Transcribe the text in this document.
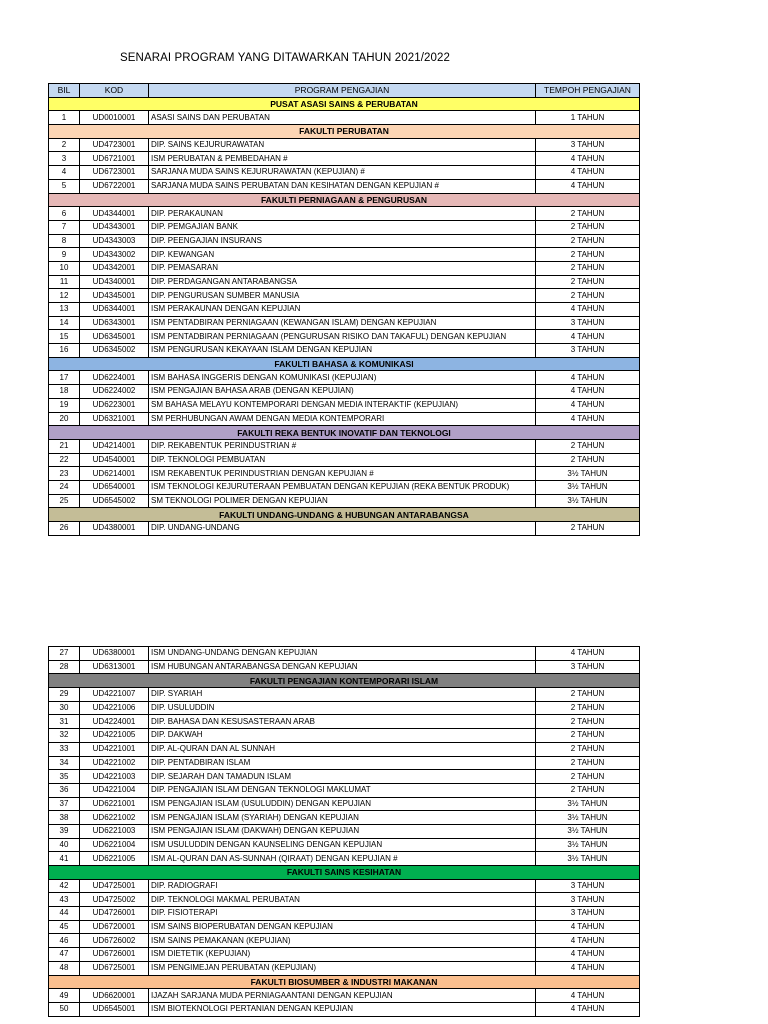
SENARAI PROGRAM YANG DITAWARKAN TAHUN 2021/2022
BIL	KOD	PROGRAM PENGAJIAN	TEMPOH PENGAJIAN
PUSAT ASASI SAINS & PERUBATAN			
1	UD0010001	ASASI SAINS DAN PERUBATAN	1 TAHUN
FAKULTI PERUBATAN			
2	UD4723001	DIP. SAINS KEJURURAWATAN	3 TAHUN
3	UD6721001	ISM PERUBATAN & PEMBEDAHAN #	4 TAHUN
4	UD6723001	SARJANA MUDA SAINS KEJURURAWATAN (KEPUJIAN) #	4 TAHUN
5	UD6722001	SARJANA MUDA SAINS PERUBATAN DAN KESIHATAN DENGAN KEPUJIAN #	4 TAHUN
FAKULTI PERNIAGAAN & PENGURUSAN			
6	UD4344001	DIP. PERAKAUNAN	2 TAHUN
7	UD4343001	DIP. PEMGAJIAN BANK	2 TAHUN
8	UD4343003	DIP. PEENGAJIAN INSURANS	2 TAHUN
9	UD4343002	DIP. KEWANGAN	2 TAHUN
10	UD4342001	DIP. PEMASARAN	2 TAHUN
11	UD4340001	DIP. PERDAGANGAN ANTARABANGSA	2 TAHUN
12	UD4345001	DIP. PENGURUSAN SUMBER MANUSIA	2 TAHUN
13	UD6344001	ISM PERAKAUNAN DENGAN KEPUJIAN	4 TAHUN
14	UD6343001	ISM PENTADBIRAN PERNIAGAAN (KEWANGAN ISLAM) DENGAN KEPUJIAN	3 TAHUN
15	UD6345001	ISM PENTADBIRAN PERNIAGAAN (PENGURUSAN RISIKO DAN TAKAFUL) DENGAN KEPUJIAN	4 TAHUN
16	UD6345002	ISM PENGURUSAN KEKAYAAN ISLAM DENGAN KEPUJIAN	3 TAHUN
FAKULTI BAHASA & KOMUNIKASI			
17	UD6224001	ISM BAHASA INGGERIS DENGAN KOMUNIKASI (KEPUJIAN)	4 TAHUN
18	UD6224002	ISM PENGAJIAN BAHASA ARAB (DENGAN KEPUJIAN)	4 TAHUN
19	UD6223001	SM BAHASA MELAYU KONTEMPORARI DENGAN MEDIA INTERAKTIF (KEPUJIAN)	4 TAHUN
20	UD6321001	SM PERHUBUNGAN AWAM DENGAN MEDIA KONTEMPORARI	4 TAHUN
FAKULTI REKA BENTUK INOVATIF DAN TEKNOLOGI			
21	UD4214001	DIP. REKABENTUK PERINDUSTRIAN #	2 TAHUN
22	UD4540001	DIP. TEKNOLOGI PEMBUATAN	2 TAHUN
23	UD6214001	ISM REKABENTUK PERINDUSTRIAN DENGAN KEPUJIAN #	3½ TAHUN
24	UD6540001	ISM TEKNOLOGI KEJURUTERAAN PEMBUATAN DENGAN KEPUJIAN (REKA BENTUK PRODUK)	3½ TAHUN
25	UD6545002	SM TEKNOLOGI POLIMER DENGAN KEPUJIAN	3½ TAHUN
FAKULTI UNDANG-UNDANG & HUBUNGAN ANTARABANGSA			
26	UD4380001	DIP. UNDANG-UNDANG	2 TAHUN
27	UD6380001	ISM UNDANG-UNDANG DENGAN KEPUJIAN	4 TAHUN
28	UD6313001	ISM HUBUNGAN ANTARABANGSA DENGAN KEPUJIAN	3 TAHUN
FAKULTI PENGAJIAN KONTEMPORARI ISLAM			
29	UD4221007	DIP. SYARIAH	2 TAHUN
30	UD4221006	DIP. USULUDDIN	2 TAHUN
31	UD4224001	DIP. BAHASA DAN KESUSASTERAAN ARAB	2 TAHUN
32	UD4221005	DIP. DAKWAH	2 TAHUN
33	UD4221001	DIP. AL-QURAN DAN AL SUNNAH	2 TAHUN
34	UD4221002	DIP. PENTADBIRAN ISLAM	2 TAHUN
35	UD4221003	DIP. SEJARAH DAN TAMADUN ISLAM	2 TAHUN
36	UD4221004	DIP. PENGAJIAN ISLAM DENGAN TEKNOLOGI MAKLUMAT	2 TAHUN
37	UD6221001	ISM PENGAJIAN ISLAM (USULUDDIN) DENGAN KEPUJIAN	3½ TAHUN
38	UD6221002	ISM PENGAJIAN ISLAM (SYARIAH) DENGAN KEPUJIAN	3½ TAHUN
39	UD6221003	ISM PENGAJIAN ISLAM (DAKWAH) DENGAN KEPUJIAN	3½ TAHUN
40	UD6221004	ISM USULUDDIN DENGAN KAUNSELING DENGAN KEPUJIAN	3½ TAHUN
41	UD6221005	ISM AL-QURAN DAN AS-SUNNAH (QIRAAT) DENGAN KEPUJIAN #	3½ TAHUN
FAKULTI SAINS KESIHATAN			
42	UD4725001	DIP. RADIOGRAFI	3 TAHUN
43	UD4725002	DIP. TEKNOLOGI MAKMAL PERUBATAN	3 TAHUN
44	UD4726001	DIP. FISIOTERAPI	3 TAHUN
45	UD6720001	ISM SAINS BIOPERUBATAN DENGAN KEPUJIAN	4 TAHUN
46	UD6726002	ISM SAINS PEMAKANAN (KEPUJIAN)	4 TAHUN
47	UD6726001	ISM DIETETIK (KEPUJIAN)	4 TAHUN
48	UD6725001	ISM PENGIMEJAN PERUBATAN (KEPUJIAN)	4 TAHUN
FAKULTI BIOSUMBER & INDUSTRI MAKANAN			
49	UD6620001	IJAZAH SARJANA MUDA PERNIAGAANTANI DENGAN KEPUJIAN	4 TAHUN
50	UD6545001	ISM BIOTEKNOLOGI PERTANIAN DENGAN KEPUJIAN	4 TAHUN
